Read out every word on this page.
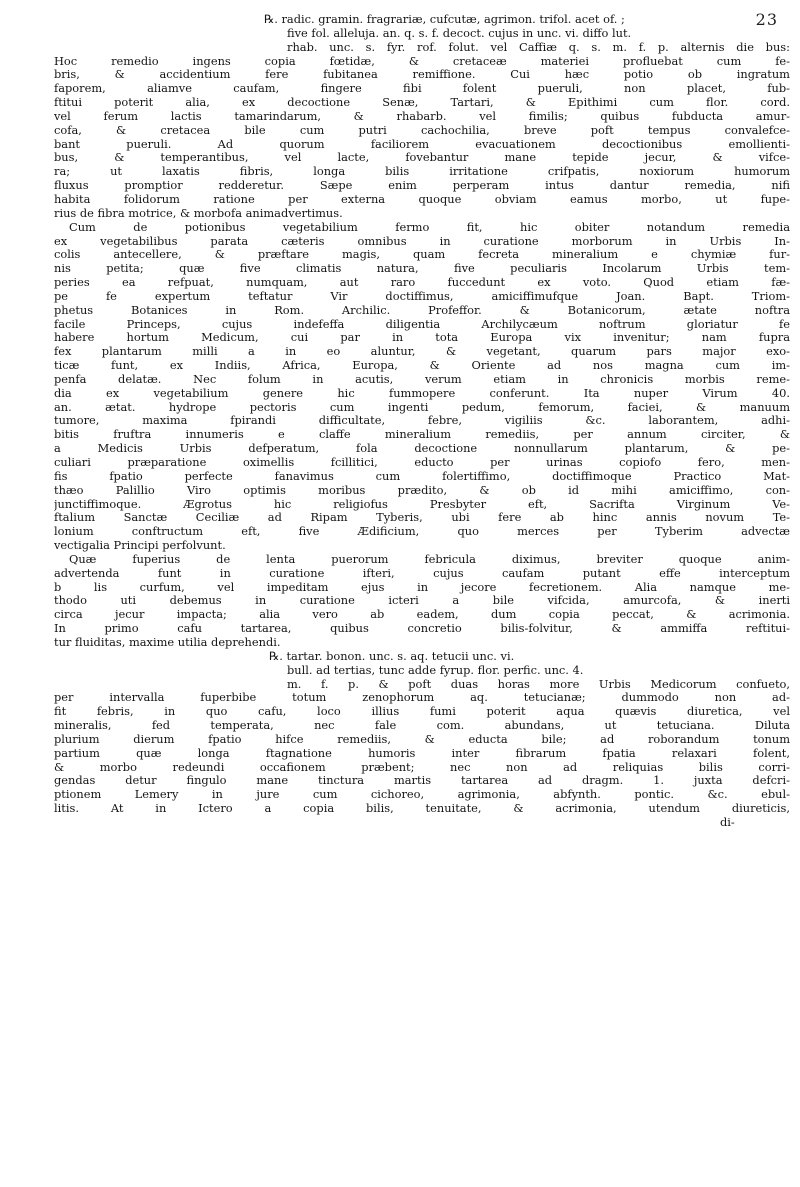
23
℞. radic. gramin. fragrariæ, cufcutæ, agrimon. trifol. acet of. ;
five fol. alleluja. an. q. s. f. decoct. cujus in unc. vi. diffo lut.
rhab. unc. s. fyr. rof. folut. vel Caffiæ q. s. m. f. p. alternis die bus:
Hoc remedio ingens copia fœtidæ, & cretaceæ materiei profluebat cum fe-
bris, & accidentium fere fubitanea remiffione. Cui hæc potio ob ingratum
faporem, aliamve caufam, fingere fibi folent pueruli, non placet, fub-
ftitui poterit alia, ex decoctione Senæ, Tartari, & Epithimi cum flor. cord.
vel ferum lactis tamarindarum, & rhabarb. vel fimilis; quibus fubducta amur-
cofa, & cretacea bile cum putri cachochilia, breve poft tempus convalefce-
bant pueruli. Ad quorum faciliorem evacuationem decoctionibus emollienti-
bus, & temperantibus, vel lacte, fovebantur mane tepide jecur, & vifce-
ra; ut laxatis fibris, longa bilis irritatione crifpatis, noxiorum humorum
fluxus promptior redderetur. Sæpe enim perperam intus dantur remedia, nifi
habita folidorum ratione per externa quoque obviam eamus morbo, ut fupe-
rius de fibra motrice, & morbofa animadvertimus.
Cum de potionibus vegetabilium fermo fit, hic obiter notandum remedia
ex vegetabilibus parata cæteris omnibus in curatione morborum in Urbis In-
colis antecellere, & præftare magis, quam fecreta mineralium e chymiæ fur-
nis petita; quæ five climatis natura, five peculiaris Incolarum Urbis tem-
peries ea refpuat, numquam, aut raro fuccedunt ex voto. Quod etiam fæ-
pe fe expertum teftatur Vir doctiffimus, amiciffimufque Joan. Bapt. Triom-
phetus Botanices in Rom. Archilic. Profeffor. & Botanicorum, ætate noftra
facile Princeps, cujus indefeffa diligentia Archilycæum noftrum gloriatur fe
habere hortum Medicum, cui par in tota Europa vix invenitur; nam fupra
fex plantarum milli a in eo aluntur, & vegetant, quarum pars major exo-
ticæ funt, ex Indiis, Africa, Europa, & Oriente ad nos magna cum im-
penfa delatæ. Nec folum in acutis, verum etiam in chronicis morbis reme-
dia ex vegetabilium genere hic fummopere conferunt. Ita nuper Virum 40.
an. ætat. hydrope pectoris cum ingenti pedum, femorum, faciei, & manuum
tumore, maxima fpirandi difficultate, febre, vigiliis &c. laborantem, adhi-
bitis fruftra innumeris e claffe mineralium remediis, per annum circiter, &
a Medicis Urbis defperatum, fola decoctione nonnullarum plantarum, & pe-
culiari præparatione oximellis fcillitici, educto per urinas copiofo fero, men-
fis fpatio perfecte fanavimus cum folertiffimo, doctiffimoque Practico Mat-
thæo Palillio Viro optimis moribus prædito, & ob id mihi amiciffimo, con-
junctiffimoque. Ægrotus hic religiofus Presbyter eft, Sacrifta Virginum Ve-
ftalium Sanctæ Ceciliæ ad Ripam Tyberis, ubi fere ab hinc annis novum Te-
lonium conftructum eft, five Ædificium, quo merces per Tyberim advectæ
vectigalia Principi perfolvunt.
Quæ fuperius de lenta puerorum febricula diximus, breviter quoque anim-
advertenda funt in curatione ifteri, cujus caufam putant effe interceptum
b lis curfum, vel impeditam ejus in jecore fecretionem. Alia namque me-
thodo uti debemus in curatione icteri a bile vifcida, amurcofa, & inerti
circa jecur impacta; alia vero ab eadem, dum copia peccat, & acrimonia.
In primo cafu tartarea, quibus concretio bilis-folvitur, & ammiffa reftitui-
tur fluiditas, maxime utilia deprehendi.
℞. tartar. bonon. unc. s. aq. tetucii unc. vi.
bull. ad tertias, tunc adde fyrup. flor. perfic. unc. 4.
m. f. p. & poft duas horas more Urbis Medicorum confueto,
per intervalla fuperbibe totum zenophorum aq. tetucianæ; dummodo non ad-
fit febris, in quo cafu, loco illius fumi poterit aqua quævis diuretica, vel
mineralis, fed temperata, nec fale com. abundans, ut tetuciana. Diluta
plurium dierum fpatio hifce remediis, & educta bile; ad roborandum tonum
partium quæ longa ftagnatione humoris inter fibrarum fpatia relaxari folent,
& morbo redeundi occafionem præbent; nec non ad reliquias bilis corri-
gendas detur fingulo mane tinctura martis tartarea ad dragm. 1. juxta defcri-
ptionem Lemery in jure cum cichoreo, agrimonia, abfynth. pontic. &c. ebul-
litis. At in Ictero a copia bilis, tenuitate, & acrimonia, utendum diureticis,
di-
